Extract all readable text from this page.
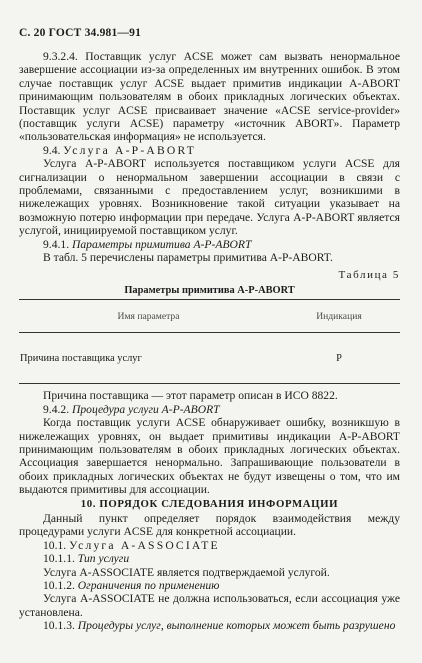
С. 20 ГОСТ 34.981—91

9.3.2.4. Поставщик услуг ACSE может сам вызвать ненормальное завершение ассоциации из-за определенных им внутренних ошибок. В этом случае поставщик услуг ACSE выдает примитив индикации A-ABORT принимающим пользователям в обоих прикладных логических объектах. Поставщик услуг ACSE присваивает значение «ACSE service-provider» (поставщик услуги ACSE) параметру «источник ABORT». Параметр «пользовательская информация» не используется.

9.4. Услуга A-P-ABORT

Услуга A-P-ABORT используется поставщиком услуги ACSE для сигнализации о ненормальном завершении ассоциации в связи с проблемами, связанными с предоставлением услуг, возникшими в нижележащих уровнях. Возникновение такой ситуации указывает на возможную потерю информации при передаче. Услуга A-P-ABORT является услугой, инициируемой поставщиком услуг.

9.4.1. Параметры примитива A-P-ABORT

В табл. 5 перечислены параметры примитива A-P-ABORT.

Таблица 5
Параметры примитива A-P-ABORT
Имя параметра	Индикация
Причина поставщика услуг	P

Причина поставщика — этот параметр описан в ИСО 8822.

9.4.2. Процедура услуги A-P-ABORT

Когда поставщик услуги ACSE обнаруживает ошибку, возникшую в нижележащих уровнях, он выдает примитивы индикации A-P-ABORT принимающим пользователям в обоих прикладных логических объектах. Ассоциация завершается ненормально. Запрашивающие пользователи в обоих прикладных логических объектах не будут извещены о том, что им выдаются примитивы для ассоциации.

10. ПОРЯДОК СЛЕДОВАНИЯ ИНФОРМАЦИИ

Данный пункт определяет порядок взаимодействия между процедурами услуги ACSE для конкретной ассоциации.

10.1. Услуга A-ASSOCIATE

10.1.1. Тип услуги

Услуга A-ASSOCIATE является подтверждаемой услугой.

10.1.2. Ограничения по применению

Услуга A-ASSOCIATE не должна использоваться, если ассоциация уже установлена.

10.1.3. Процедуры услуг, выполнение которых может быть разрушено
